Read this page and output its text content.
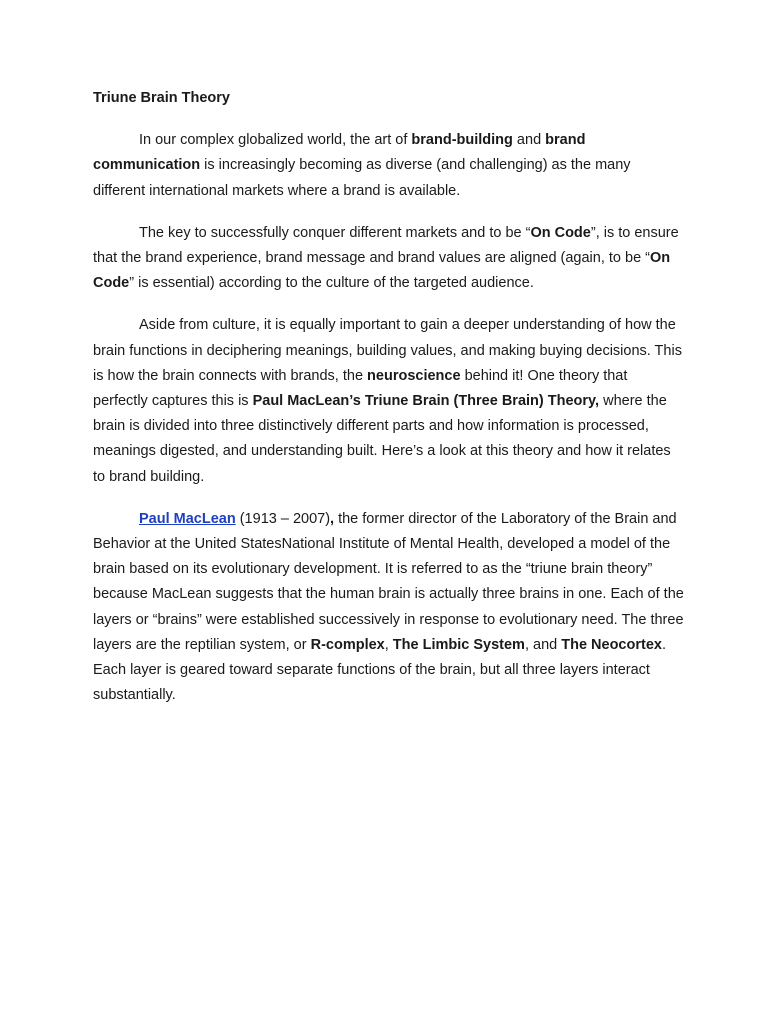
Triune Brain Theory

In our complex globalized world, the art of brand-building and brand communication is increasingly becoming as diverse (and challenging) as the many different international markets where a brand is available.

The key to successfully conquer different markets and to be “On Code”, is to ensure that the brand experience, brand message and brand values are aligned (again, to be “On Code” is essential) according to the culture of the targeted audience.

Aside from culture, it is equally important to gain a deeper understanding of how the brain functions in deciphering meanings, building values, and making buying decisions. This is how the brain connects with brands, the neuroscience behind it! One theory that perfectly captures this is Paul MacLean’s Triune Brain (Three Brain) Theory, where the brain is divided into three distinctively different parts and how information is processed, meanings digested, and understanding built. Here’s a look at this theory and how it relates to brand building.

Paul MacLean (1913 – 2007), the former director of the Laboratory of the Brain and Behavior at the United StatesNational Institute of Mental Health, developed a model of the brain based on its evolutionary development. It is referred to as the “triune brain theory” because MacLean suggests that the human brain is actually three brains in one. Each of the layers or “brains” were established successively in response to evolutionary need. The three layers are the reptilian system, or R-complex, The Limbic System, and The Neocortex. Each layer is geared toward separate functions of the brain, but all three layers interact substantially.
